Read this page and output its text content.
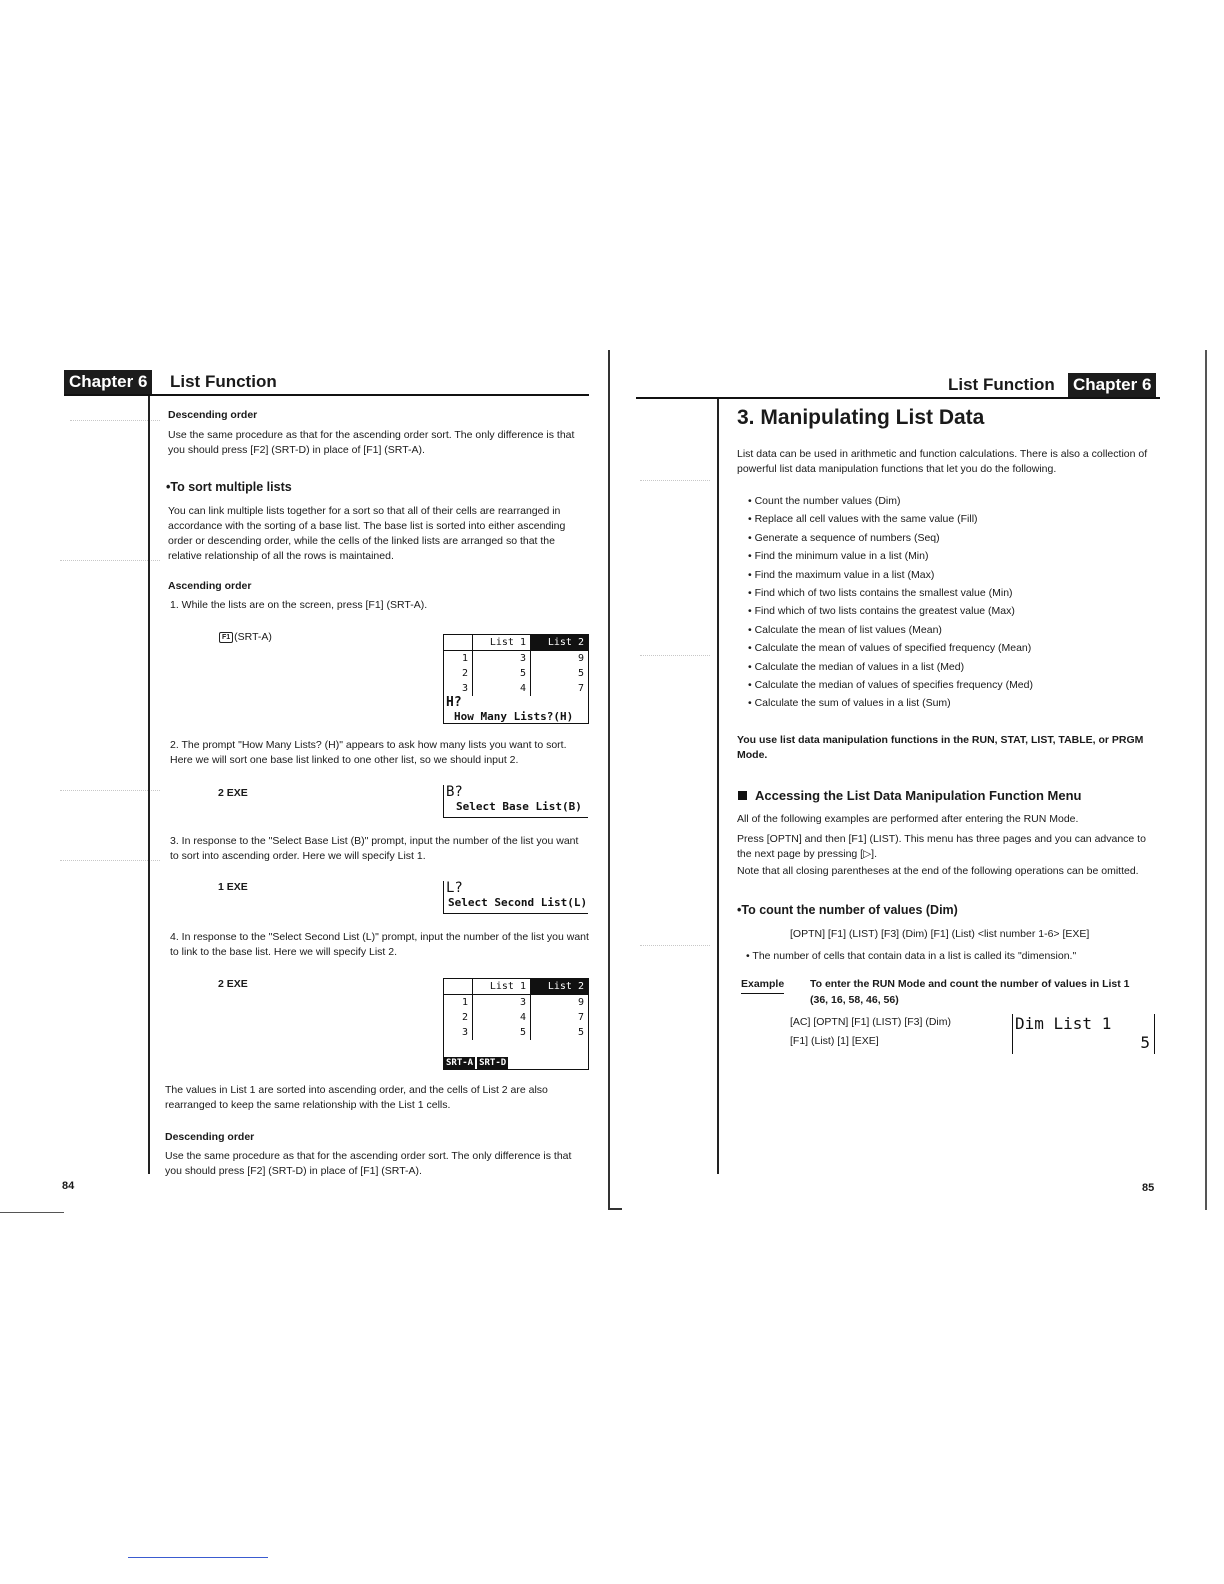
Chapter 6 List Function
Descending order
Use the same procedure as that for the ascending order sort. The only difference is that you should press [F2] (SRT-D) in place of [F1] (SRT-A).
•To sort multiple lists
You can link multiple lists together for a sort so that all of their cells are rearranged in accordance with the sorting of a base list. The base list is sorted into either ascending order or descending order, while the cells of the linked lists are arranged so that the relative relationship of all the rows is maintained.
Ascending order
1. While the lists are on the screen, press [F1] (SRT-A).
F1 (SRT-A)	List 1	List 2
1	3	9
2	5	5
3	4	7
H?
How Many Lists?(H)
2. The prompt "How Many Lists? (H)" appears to ask how many lists you want to sort. Here we will sort one base list linked to one other list, so we should input 2.
2 EXE	B?
Select Base List(B)
3. In response to the "Select Base List (B)" prompt, input the number of the list you want to sort into ascending order. Here we will specify List 1.
1 EXE	L?
Select Second List(L)
4. In response to the "Select Second List (L)" prompt, input the number of the list you want to link to the base list. Here we will specify List 2.
2 EXE	List 1	List 2
1	3	9
2	4	7
3	5	5
SRT-A SRT-D
The values in List 1 are sorted into ascending order, and the cells of List 2 are also rearranged to keep the same relationship with the List 1 cells.
Descending order
Use the same procedure as that for the ascending order sort. The only difference is that you should press [F2] (SRT-D) in place of [F1] (SRT-A).
84
List Function Chapter 6
3. Manipulating List Data
List data can be used in arithmetic and function calculations. There is also a collection of powerful list data manipulation functions that let you do the following.
• Count the number values (Dim)
• Replace all cell values with the same value (Fill)
• Generate a sequence of numbers (Seq)
• Find the minimum value in a list (Min)
• Find the maximum value in a list (Max)
• Find which of two lists contains the smallest value (Min)
• Find which of two lists contains the greatest value (Max)
• Calculate the mean of list values (Mean)
• Calculate the mean of values of specified frequency (Mean)
• Calculate the median of values in a list (Med)
• Calculate the median of values of specifies frequency (Med)
• Calculate the sum of values in a list (Sum)
You use list data manipulation functions in the RUN, STAT, LIST, TABLE, or PRGM Mode.
Accessing the List Data Manipulation Function Menu
All of the following examples are performed after entering the RUN Mode.
Press [OPTN] and then [F1] (LIST). This menu has three pages and you can advance to the next page by pressing [▷].
Note that all closing parentheses at the end of the following operations can be omitted.
•To count the number of values (Dim)
[OPTN] [F1] (LIST) [F3] (Dim) [F1] (List) <list number 1-6> [EXE]
• The number of cells that contain data in a list is called its "dimension."
Example To enter the RUN Mode and count the number of values in List 1
(36, 16, 58, 46, 56)
[AC] [OPTN] [F1] (LIST) [F3] (Dim)
[F1] (List) [1] [EXE]
Dim List 1
5
85
